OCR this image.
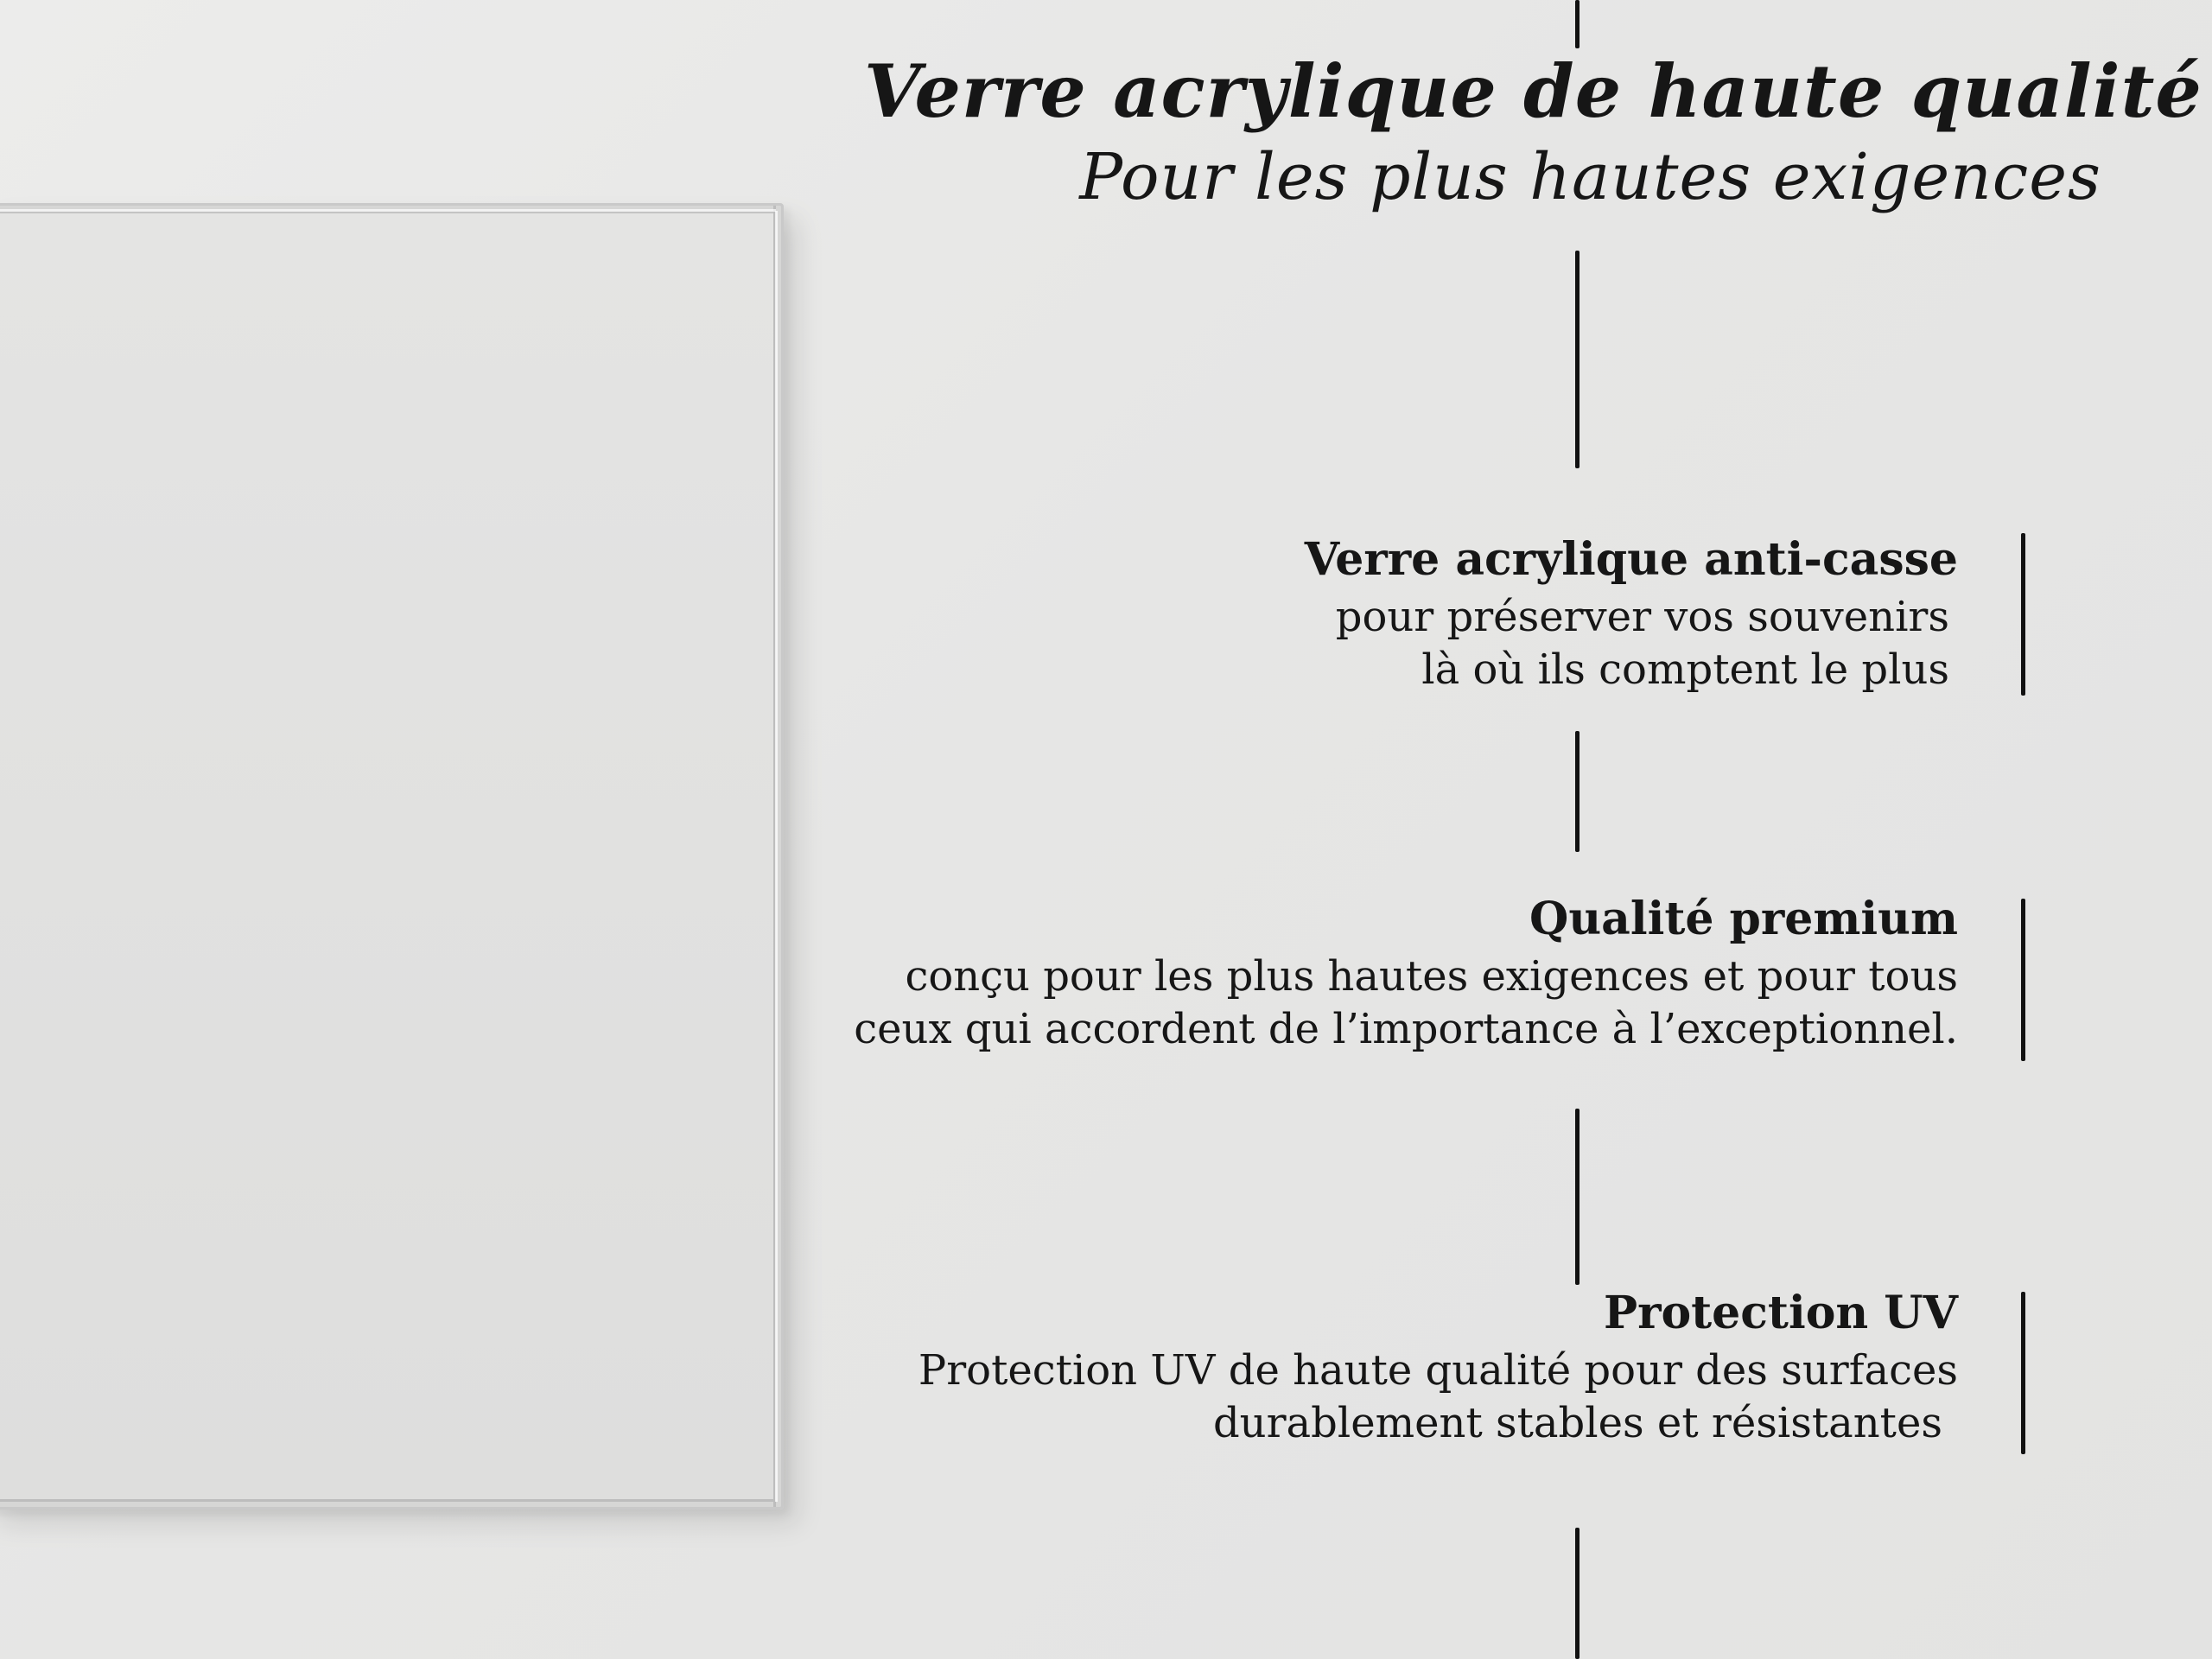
Verre acrylique de haute qualité
Pour les plus hautes exigences

Verre acrylique anti-casse

pour préserver vos souvenirs
là où ils comptent le plus

Qualité premium

conçu pour les plus hautes exigences et pour tous
ceux qui accordent de l’importance à l’exceptionnel.

Protection UV

Protection UV de haute qualité pour des surfaces
durablement stables et résistantes
